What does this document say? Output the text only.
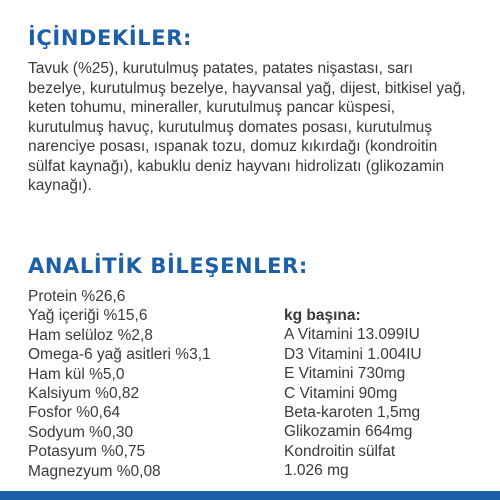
İÇİNDEKİLER:

Tavuk (%25), kurutulmuş patates, patates nişastası, sarı bezelye, kurutulmuş bezelye, hayvansal yağ, dijest, bitkisel yağ, keten tohumu, mineraller, kurutulmuş pancar küspesi, kurutulmuş havuç, kurutulmuş domates posası, kurutulmuş narenciye posası, ıspanak tozu, domuz kıkırdağı (kondroitin sülfat kaynağı), kabuklu deniz hayvanı hidrolizatı (glikozamin kaynağı).

ANALİTİK BİLEŞENLER:
Protein %26,6
Yağ içeriği %15,6
Ham selüloz %2,8
Omega-6 yağ asitleri %3,1
Ham kül %5,0
Kalsiyum %0,82
Fosfor %0,64
Sodyum %0,30
Potasyum %0,75
Magnezyum %0,08
kg başına:
A Vitamini 13.099IU
D3 Vitamini 1.004IU
E Vitamini 730mg
C Vitamini 90mg
Beta-karoten 1,5mg
Glikozamin 664mg
Kondroitin sülfat
1.026 mg
